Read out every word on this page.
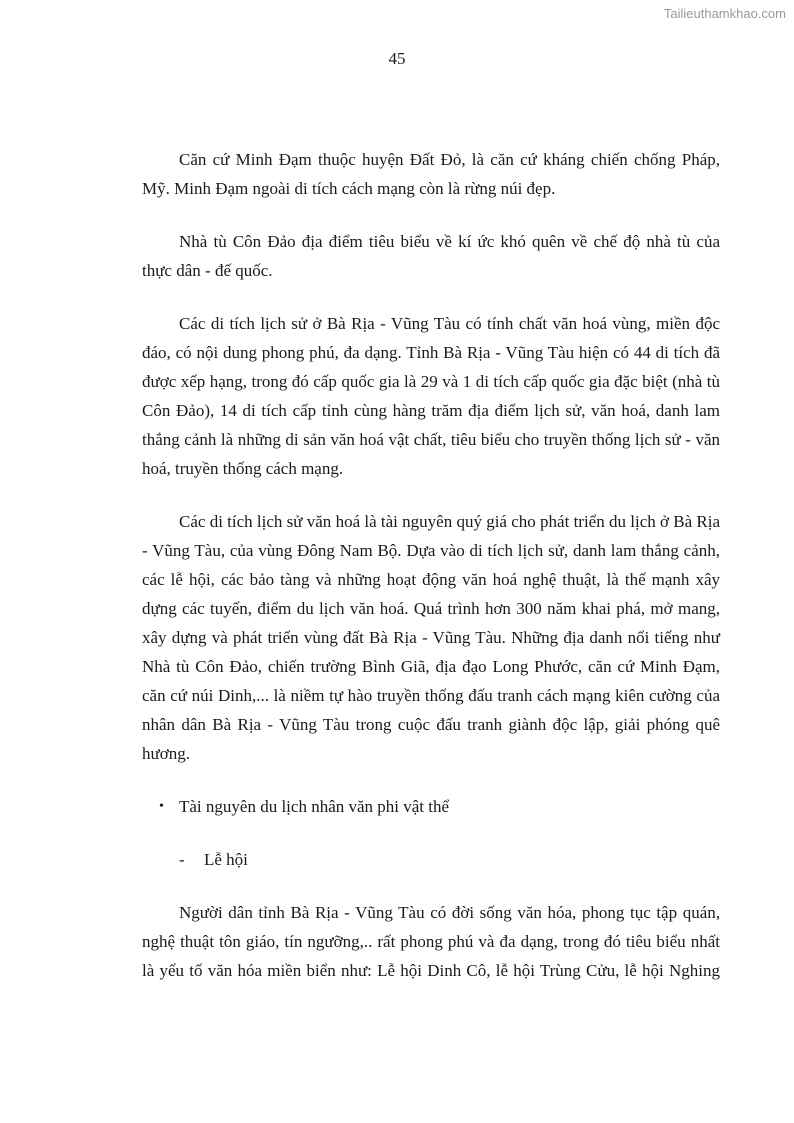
Tailieuthamkhao.com
45

Căn cứ Minh Đạm thuộc huyện Đất Đỏ, là căn cứ kháng chiến chống Pháp, Mỹ. Minh Đạm ngoài di tích cách mạng còn là rừng núi đẹp.

Nhà tù Côn Đảo địa điểm tiêu biểu về kí ức khó quên về chế độ nhà tù của thực dân - đế quốc.

Các di tích lịch sử ở Bà Rịa - Vũng Tàu có tính chất văn hoá vùng, miền độc đáo, có nội dung phong phú, đa dạng. Tỉnh Bà Rịa - Vũng Tàu hiện có 44 di tích đã được xếp hạng, trong đó cấp quốc gia là 29 và 1 di tích cấp quốc gia đặc biệt (nhà tù Côn Đảo), 14 di tích cấp tỉnh cùng hàng trăm địa điểm lịch sử, văn hoá, danh lam thắng cảnh là những di sản văn hoá vật chất, tiêu biểu cho truyền thống lịch sử - văn hoá, truyền thống cách mạng.

Các di tích lịch sử văn hoá là tài nguyên quý giá cho phát triển du lịch ở Bà Rịa - Vũng Tàu, của vùng Đông Nam Bộ. Dựa vào di tích lịch sử, danh lam thắng cảnh, các lễ hội, các bảo tàng và những hoạt động văn hoá nghệ thuật, là thế mạnh xây dựng các tuyến, điểm du lịch văn hoá. Quá trình hơn 300 năm khai phá, mở mang, xây dựng và phát triển vùng đất Bà Rịa - Vũng Tàu. Những địa danh nổi tiếng như Nhà tù Côn Đảo, chiến trường Bình Giã, địa đạo Long Phước, căn cứ Minh Đạm, căn cứ núi Dinh,... là niềm tự hào truyền thống đấu tranh cách mạng kiên cường của nhân dân Bà Rịa - Vũng Tàu trong cuộc đấu tranh giành độc lập, giải phóng quê hương.

• Tài nguyên du lịch nhân văn phi vật thể
- Lễ hội

Người dân tỉnh Bà Rịa - Vũng Tàu có đời sống văn hóa, phong tục tập quán, nghệ thuật tôn giáo, tín ngưỡng,.. rất phong phú và đa dạng, trong đó tiêu biểu nhất là yếu tố văn hóa miền biển như: Lễ hội Dinh Cô, lễ hội Trùng Cửu, lễ hội Nghing
